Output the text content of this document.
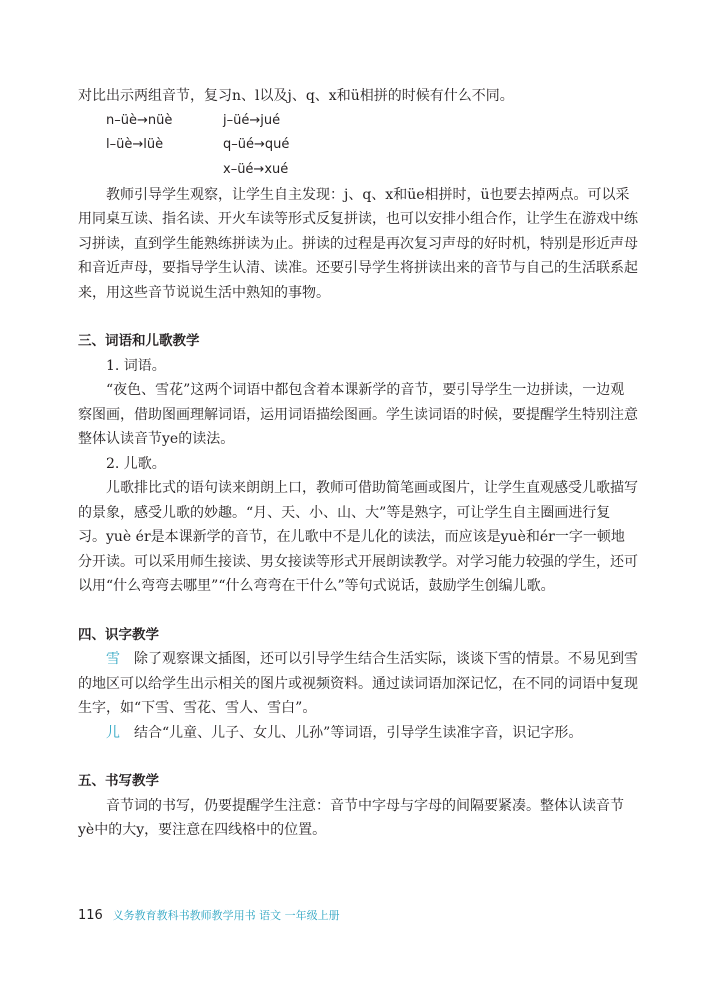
对比出示两组音节，复习n、l以及j、q、x和ü相拼的时候有什么不同。

n–üè→nüè
l–üè→lüè
j–üé→jué
q–üé→qué
x–üé→xué

教师引导学生观察，让学生自主发现：j、q、x和üe相拼时，ü也要去掉两点。可以采用同桌互读、指名读、开火车读等形式反复拼读，也可以安排小组合作，让学生在游戏中练习拼读，直到学生能熟练拼读为止。拼读的过程是再次复习声母的好时机，特别是形近声母和音近声母，要指导学生认清、读准。还要引导学生将拼读出来的音节与自己的生活联系起来，用这些音节说说生活中熟知的事物。

三、词语和儿歌教学

1. 词语。

“夜色、雪花”这两个词语中都包含着本课新学的音节，要引导学生一边拼读，一边观察图画，借助图画理解词语，运用词语描绘图画。学生读词语的时候，要提醒学生特别注意整体认读音节ye的读法。

2. 儿歌。

儿歌排比式的语句读来朗朗上口，教师可借助简笔画或图片，让学生直观感受儿歌描写的景象，感受儿歌的妙趣。“月、天、小、山、大”等是熟字，可让学生自主圈画进行复习。yuè ér是本课新学的音节，在儿歌中不是儿化的读法，而应该是yuè和ér一字一顿地分开读。可以采用师生接读、男女接读等形式开展朗读教学。对学习能力较强的学生，还可以用“什么弯弯去哪里”“什么弯弯在干什么”等句式说话，鼓励学生创编儿歌。

四、识字教学

雪 除了观察课文插图，还可以引导学生结合生活实际，谈谈下雪的情景。不易见到雪的地区可以给学生出示相关的图片或视频资料。通过读词语加深记忆，在不同的词语中复现生字，如“下雪、雪花、雪人、雪白”。

儿 结合“儿童、儿子、女儿、儿孙”等词语，引导学生读准字音，识记字形。

五、书写教学

音节词的书写，仍要提醒学生注意：音节中字母与字母的间隔要紧凑。整体认读音节yè中的大y，要注意在四线格中的位置。

116 义务教育教科书教师教学用书 语文 一年级上册
